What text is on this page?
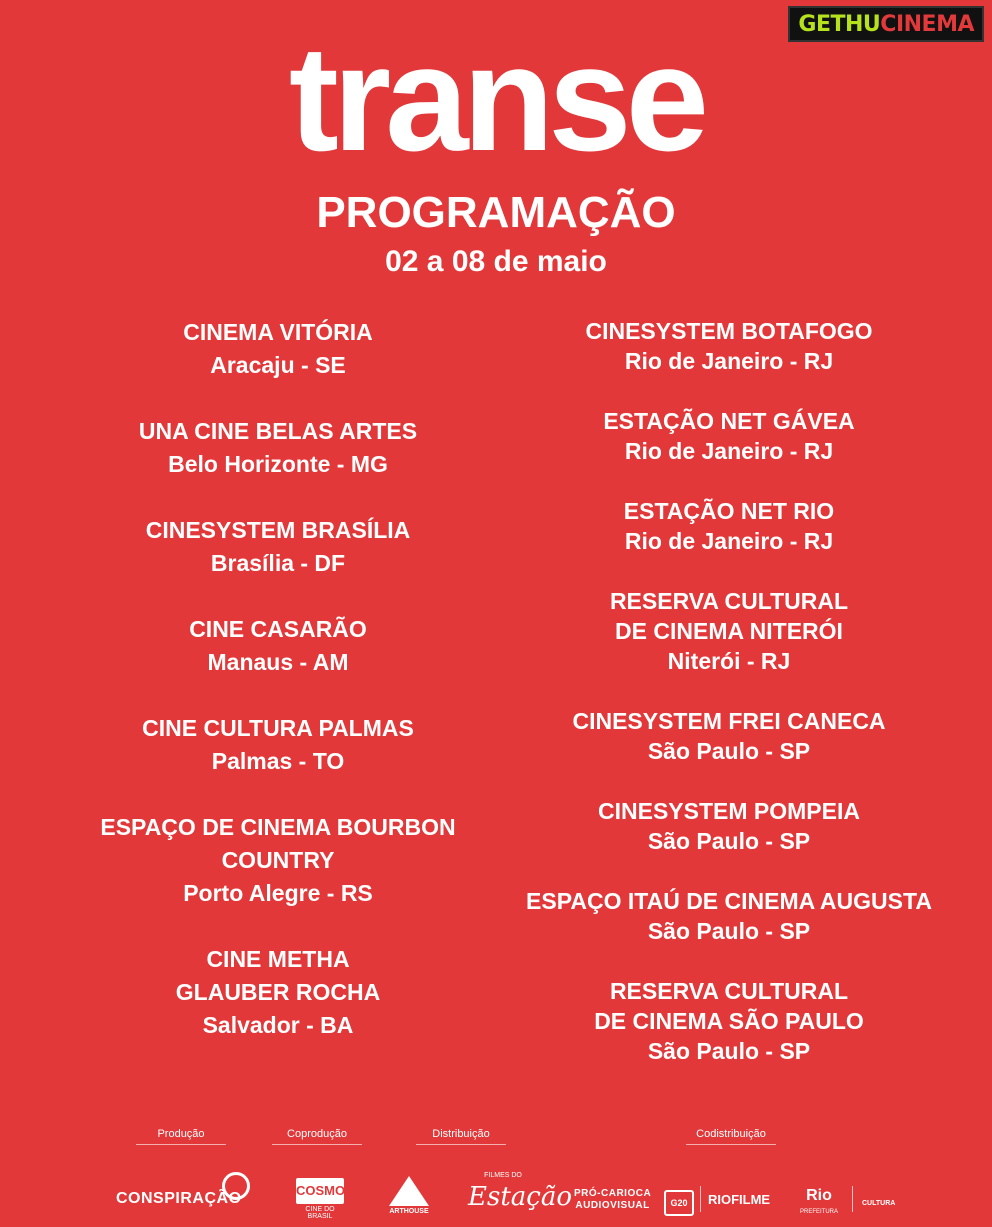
GETHU CINEMA
transe
PROGRAMAÇÃO
02 a 08 de maio
CINEMA VITÓRIA
Aracaju - SE
UNA CINE BELAS ARTES
Belo Horizonte - MG
CINESYSTEM BRASÍLIA
Brasília - DF
CINE CASARÃO
Manaus - AM
CINE CULTURA PALMAS
Palmas - TO
ESPAÇO DE CINEMA BOURBON
COUNTRY
Porto Alegre - RS
CINE METHA
GLAUBER ROCHA
Salvador - BA
CINESYSTEM BOTAFOGO
Rio de Janeiro - RJ
ESTAÇÃO NET GÁVEA
Rio de Janeiro - RJ
ESTAÇÃO NET RIO
Rio de Janeiro - RJ
RESERVA CULTURAL
DE CINEMA NITERÓI
Niterói - RJ
CINESYSTEM FREI CANECA
São Paulo - SP
CINESYSTEM POMPEIA
São Paulo - SP
ESPAÇO ITAÚ DE CINEMA AUGUSTA
São Paulo - SP
RESERVA CULTURAL
DE CINEMA SÃO PAULO
São Paulo - SP
Produção	Coprodução	Distribuição	Codistribuição
CONSPIRAÇÃO	COSMO
CINE DO BRASIL
ARTHOUSE
FILMES DO
Estação PRÓ-CARIOCA
AUDIOVISUAL	G20	RIOFILME	Rio
PREFEITURA
CULTURA
